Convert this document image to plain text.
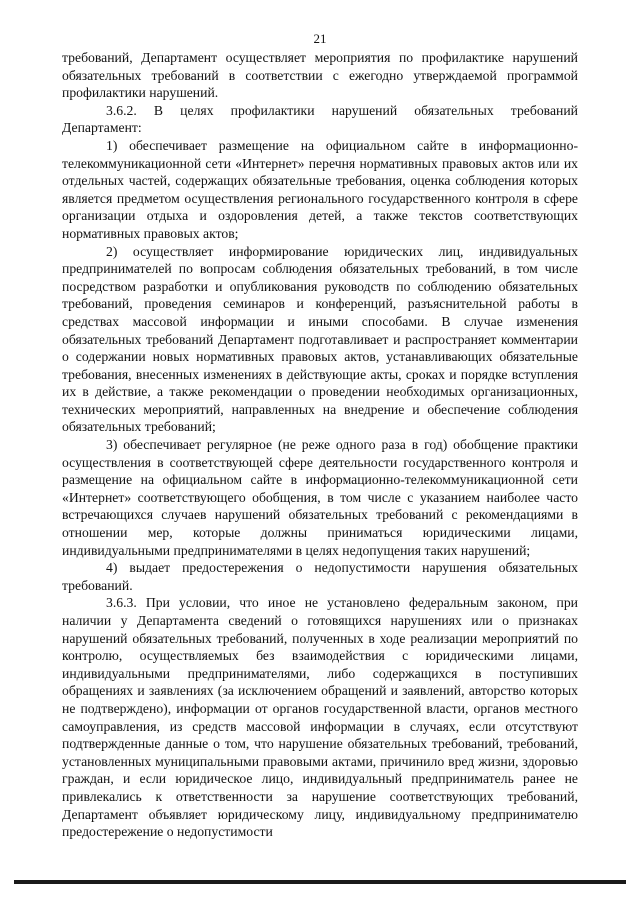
21

требований, Департамент осуществляет мероприятия по профилактике нарушений обязательных требований в соответствии с ежегодно утверждаемой программой профилактики нарушений.

3.6.2. В целях профилактики нарушений обязательных требований Департамент:

1) обеспечивает размещение на официальном сайте в информационно-телекоммуникационной сети «Интернет» перечня нормативных правовых актов или их отдельных частей, содержащих обязательные требования, оценка соблюдения которых является предметом осуществления регионального государственного контроля в сфере организации отдыха и оздоровления детей, а также текстов соответствующих нормативных правовых актов;

2) осуществляет информирование юридических лиц, индивидуальных предпринимателей по вопросам соблюдения обязательных требований, в том числе посредством разработки и опубликования руководств по соблюдению обязательных требований, проведения семинаров и конференций, разъяснительной работы в средствах массовой информации и иными способами. В случае изменения обязательных требований Департамент подготавливает и распространяет комментарии о содержании новых нормативных правовых актов, устанавливающих обязательные требования, внесенных изменениях в действующие акты, сроках и порядке вступления их в действие, а также рекомендации о проведении необходимых организационных, технических мероприятий, направленных на внедрение и обеспечение соблюдения обязательных требований;

3) обеспечивает регулярное (не реже одного раза в год) обобщение практики осуществления в соответствующей сфере деятельности государственного контроля и размещение на официальном сайте в информационно-телекоммуникационной сети «Интернет» соответствующего обобщения, в том числе с указанием наиболее часто встречающихся случаев нарушений обязательных требований с рекомендациями в отношении мер, которые должны приниматься юридическими лицами, индивидуальными предпринимателями в целях недопущения таких нарушений;

4) выдает предостережения о недопустимости нарушения обязательных требований.

3.6.3. При условии, что иное не установлено федеральным законом, при наличии у Департамента сведений о готовящихся нарушениях или о признаках нарушений обязательных требований, полученных в ходе реализации мероприятий по контролю, осуществляемых без взаимодействия с юридическими лицами, индивидуальными предпринимателями, либо содержащихся в поступивших обращениях и заявлениях (за исключением обращений и заявлений, авторство которых не подтверждено), информации от органов государственной власти, органов местного самоуправления, из средств массовой информации в случаях, если отсутствуют подтвержденные данные о том, что нарушение обязательных требований, требований, установленных муниципальными правовыми актами, причинило вред жизни, здоровью граждан, и если юридическое лицо, индивидуальный предприниматель ранее не привлекались к ответственности за нарушение соответствующих требований, Департамент объявляет юридическому лицу, индивидуальному предпринимателю предостережение о недопустимости
